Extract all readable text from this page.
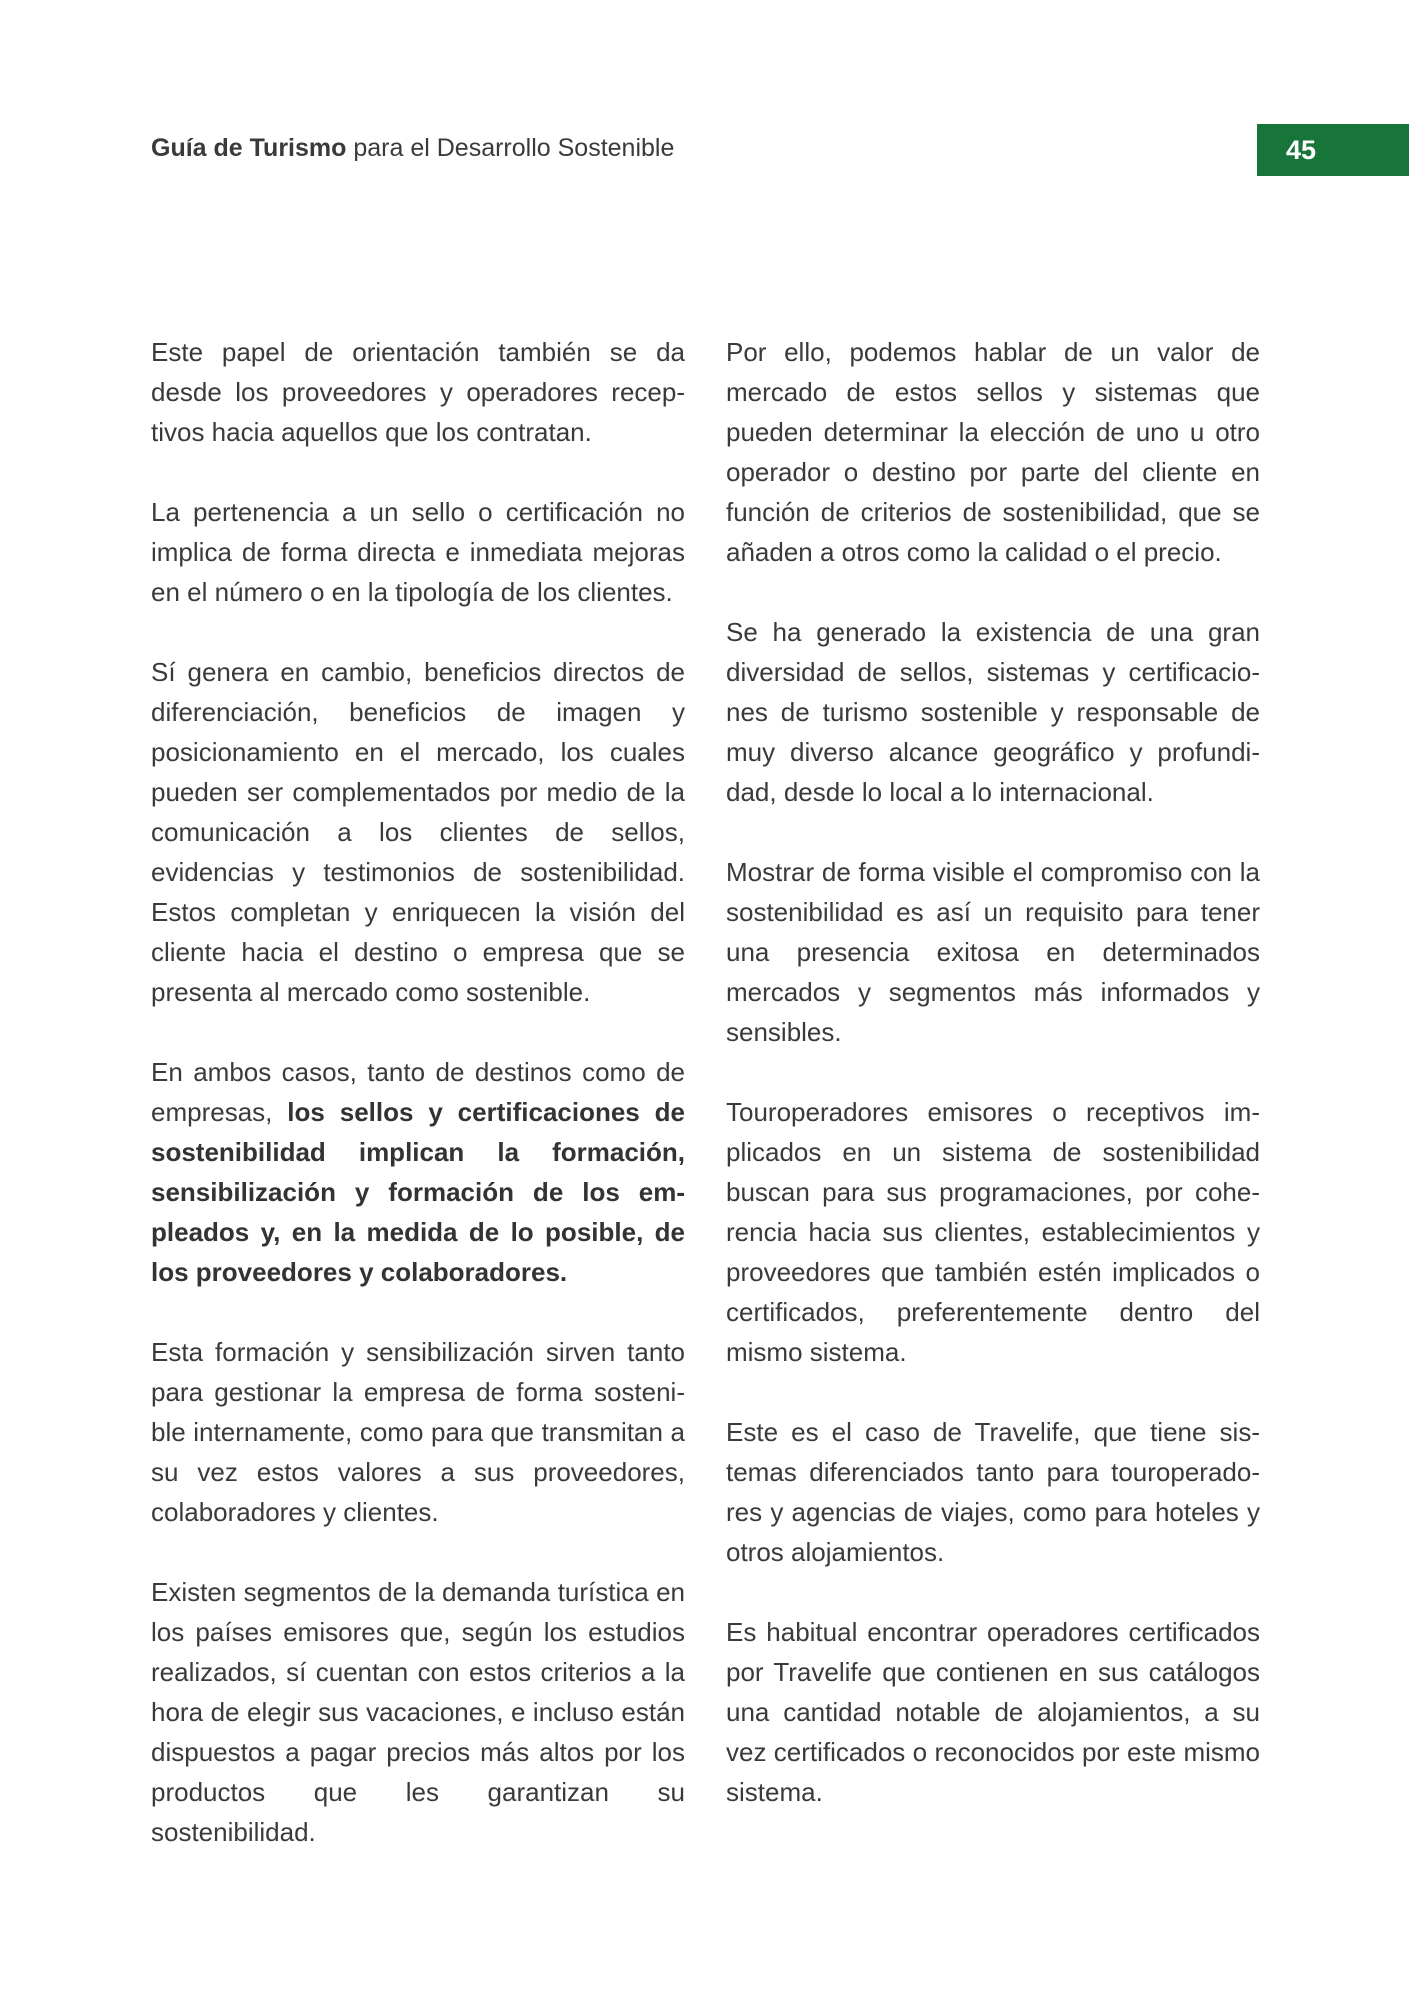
Guía de Turismo para el Desarrollo Sostenible	45

Este papel de orientación también se da desde los proveedores y operadores receptivos hacia aquellos que los contratan.

La pertenencia a un sello o certificación no implica de forma directa e inmediata mejoras en el número o en la tipología de los clientes.

Sí genera en cambio, beneficios directos de diferenciación, beneficios de imagen y posicionamiento en el mercado, los cuales pueden ser complementados por medio de la comunicación a los clientes de sellos, evidencias y testimonios de sostenibilidad. Estos completan y enriquecen la visión del cliente hacia el destino o empresa que se presenta al mercado como sostenible.

En ambos casos, tanto de destinos como de empresas, los sellos y certificaciones de sostenibilidad implican la formación, sensibilización y formación de los empleados y, en la medida de lo posible, de los proveedores y colaboradores.

Esta formación y sensibilización sirven tanto para gestionar la empresa de forma sostenible internamente, como para que transmitan a su vez estos valores a sus proveedores, colaboradores y clientes.

Existen segmentos de la demanda turística en los países emisores que, según los estudios realizados, sí cuentan con estos criterios a la hora de elegir sus vacaciones, e incluso están dispuestos a pagar precios más altos por los productos que les garantizan su sostenibilidad.

Por ello, podemos hablar de un valor de mercado de estos sellos y sistemas que pueden determinar la elección de uno u otro operador o destino por parte del cliente en función de criterios de sostenibilidad, que se añaden a otros como la calidad o el precio.

Se ha generado la existencia de una gran diversidad de sellos, sistemas y certificaciones de turismo sostenible y responsable de muy diverso alcance geográfico y profundidad, desde lo local a lo internacional.

Mostrar de forma visible el compromiso con la sostenibilidad es así un requisito para tener una presencia exitosa en determinados mercados y segmentos más informados y sensibles.

Touroperadores emisores o receptivos implicados en un sistema de sostenibilidad buscan para sus programaciones, por coherencia hacia sus clientes, establecimientos y proveedores que también estén implicados o certificados, preferentemente dentro del mismo sistema.

Este es el caso de Travelife, que tiene sistemas diferenciados tanto para touroperadores y agencias de viajes, como para hoteles y otros alojamientos.

Es habitual encontrar operadores certificados por Travelife que contienen en sus catálogos una cantidad notable de alojamientos, a su vez certificados o reconocidos por este mismo sistema.
